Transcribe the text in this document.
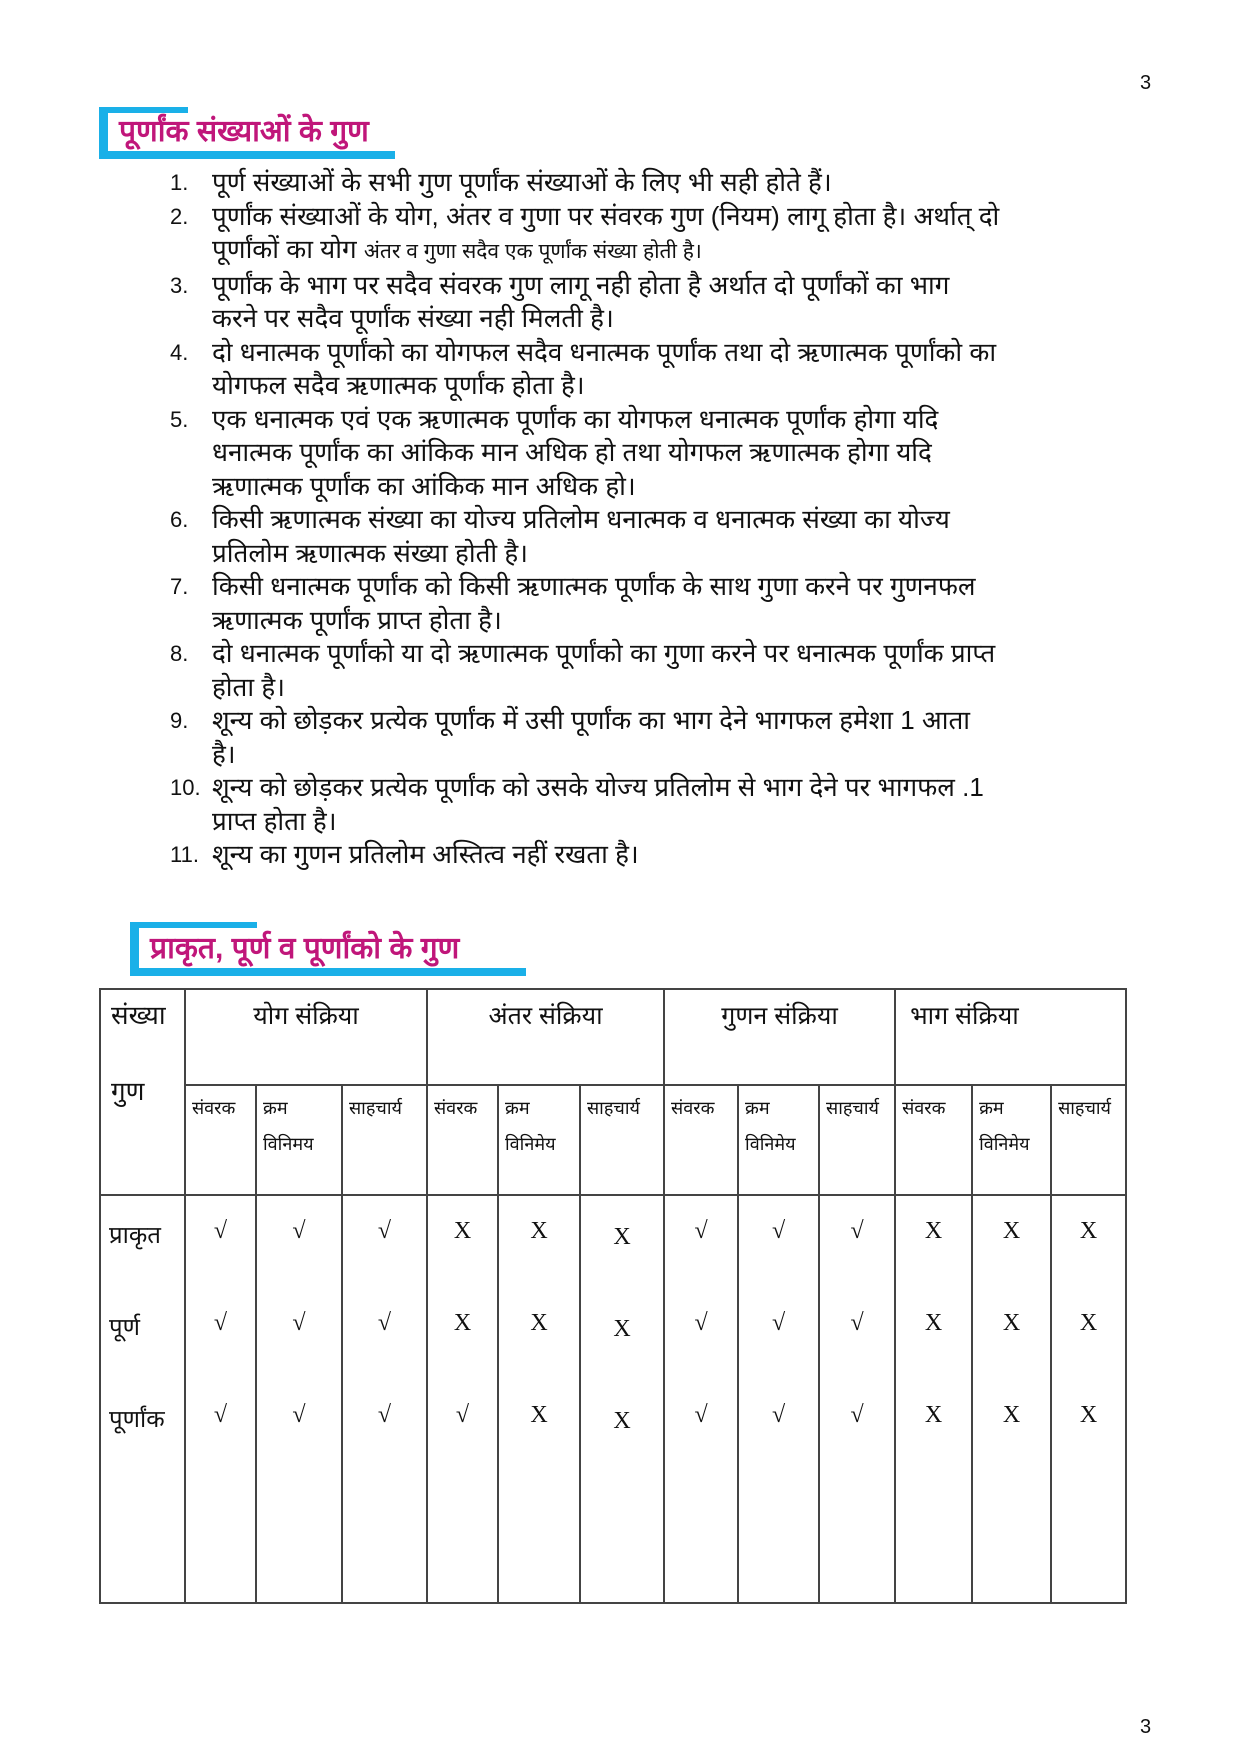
3
पूर्णांक संख्याओं के गुण
1. पूर्ण संख्याओं के सभी गुण पूर्णांक संख्याओं के लिए भी सही होते हैं।
2. पूर्णांक संख्याओं के योग, अंतर व गुणा पर संवरक गुण (नियम) लागू होता है। अर्थात् दो
पूर्णांकों का योग अंतर व गुणा सदैव एक पूर्णांक संख्या होती है।
3. पूर्णांक के भाग पर सदैव संवरक गुण लागू नही होता है अर्थात दो पूर्णांकों का भाग
करने पर सदैव पूर्णांक संख्या नही मिलती है।
4. दो धनात्मक पूर्णांको का योगफल सदैव धनात्मक पूर्णांक तथा दो ऋणात्मक पूर्णांको का
योगफल सदैव ऋणात्मक पूर्णांक होता है।
5. एक धनात्मक एवं एक ऋणात्मक पूर्णांक का योगफल धनात्मक पूर्णांक होगा यदि
धनात्मक पूर्णांक का आंकिक मान अधिक हो तथा योगफल ऋणात्मक होगा यदि
ऋणात्मक पूर्णांक का आंकिक मान अधिक हो।
6. किसी ऋणात्मक संख्या का योज्य प्रतिलोम धनात्मक व धनात्मक संख्या का योज्य
प्रतिलोम ऋणात्मक संख्या होती है।
7. किसी धनात्मक पूर्णांक को किसी ऋणात्मक पूर्णांक के साथ गुणा करने पर गुणनफल
ऋणात्मक पूर्णांक प्राप्त होता है।
8. दो धनात्मक पूर्णांको या दो ऋणात्मक पूर्णांको का गुणा करने पर धनात्मक पूर्णांक प्राप्त
होता है।
9. शून्य को छोड़कर प्रत्येक पूर्णांक में उसी पूर्णांक का भाग देने भागफल हमेशा 1 आता
है।
10. शून्य को छोड़कर प्रत्येक पूर्णांक को उसके योज्य प्रतिलोम से भाग देने पर भागफल .1
प्राप्त होता है।
11. शून्य का गुणन प्रतिलोम अस्तित्व नहीं रखता है।
प्राकृत, पूर्ण व पूर्णांको के गुण
संख्या
गुण	योग संक्रिया			अंतर संक्रिया			गुणन संक्रिया			भाग संक्रिया		
	संवरक	क्रम विनिमय	साहचार्य	संवरक	क्रम विनिमेय	साहचार्य	संवरक	क्रम विनिमेय	साहचार्य	संवरक	क्रम विनिमेय	साहचार्य
प्राकृत	√	√	√	X	X	X	√	√	√	X	X	X
पूर्ण	√	√	√	X	X	X	√	√	√	X	X	X
पूर्णांक	√	√	√	√	X	X	√	√	√	X	X	X
3
